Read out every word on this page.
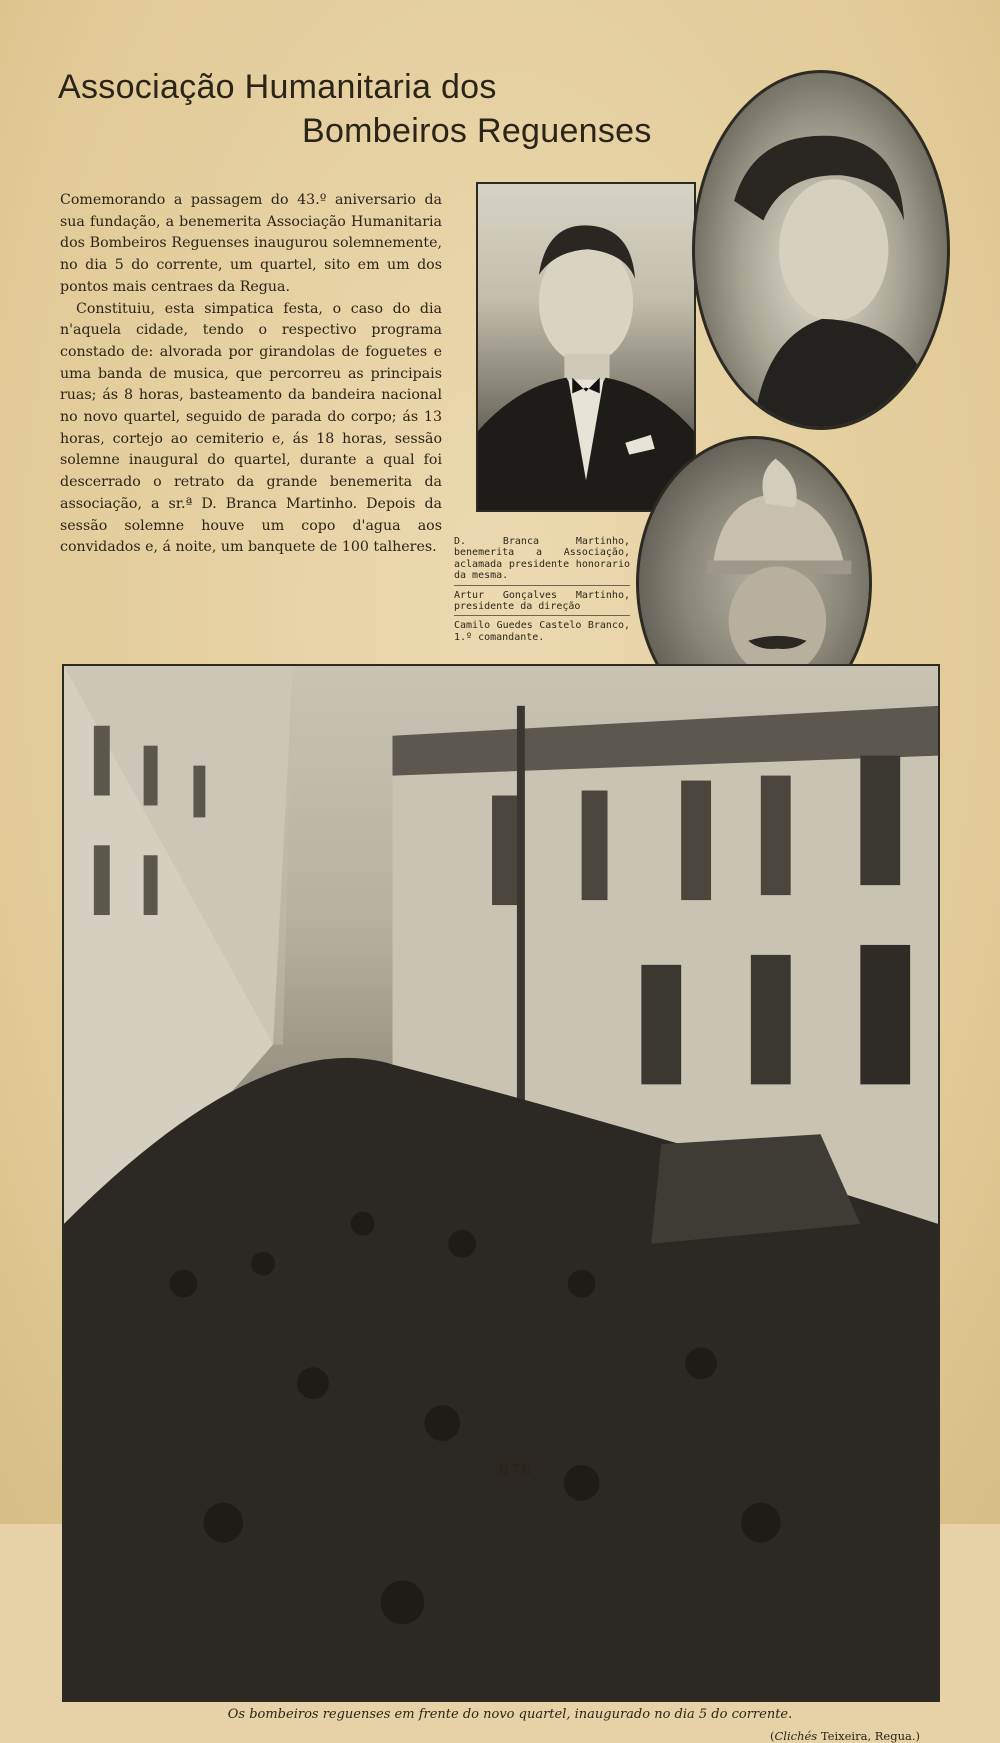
Associação Humanitaria dos
Bombeiros Reguenses

Comemorando a passagem do 43.º aniversario da sua fundação, a benemerita Associação Humanitaria dos Bombeiros Reguenses inaugurou solemnemente, no dia 5 do corrente, um quartel, sito em um dos pontos mais centraes da Regua.

Constituiu, esta simpatica festa, o caso do dia n'aquela cidade, tendo o respectivo programa constado de: alvorada por girandolas de foguetes e uma banda de musica, que percorreu as principais ruas; ás 8 horas, basteamento da bandeira nacional no novo quartel, seguido de parada do corpo; ás 13 horas, cortejo ao cemiterio e, ás 18 horas, sessão solemne inaugural do quartel, durante a qual foi descerrado o retrato da grande benemerita da associação, a sr.ª D. Branca Martinho. Depois da sessão solemne houve um copo d'agua aos convidados e, á noite, um banquete de 100 talheres.	D. Branca Martinho, benemerita a Associação, aclamada presidente honorario da mesma.

Artur Gonçalves Martinho, presidente da direção

Camilo Guedes Castelo Branco, 1.º comandante.

Os bombeiros reguenses em frente do novo quartel, inaugurado no dia 5 do corrente.
(Clichés Teixeira, Regua.)
876
